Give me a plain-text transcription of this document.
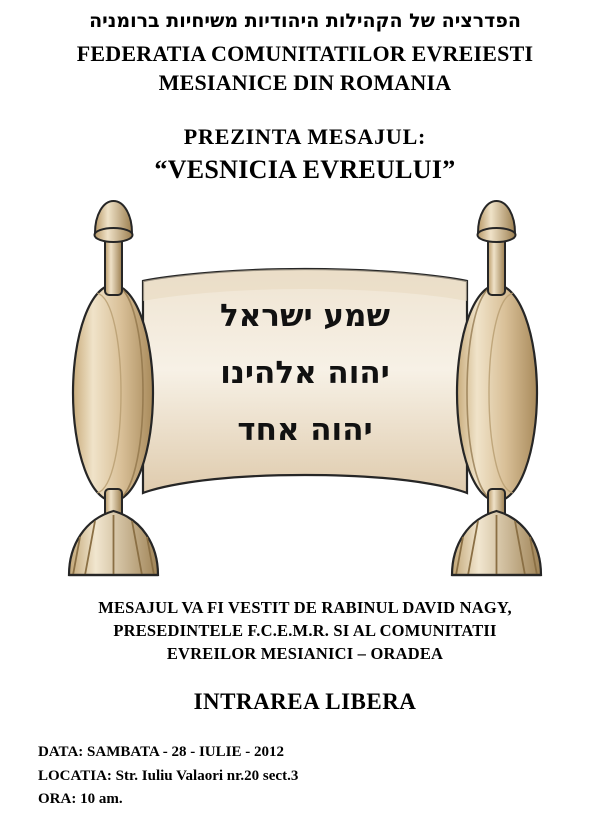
הפדרציה של הקהילות היהודיות משיחיות ברומניה
FEDERATIA COMUNITATILOR EVREIESTI
MESIANICE DIN ROMANIA
PREZINTA MESAJUL:
“VESNICIA EVREULUI”
שמע ישראל
יהוה אלהינו
יהוה אחד
MESAJUL VA FI VESTIT DE RABINUL DAVID NAGY,
PRESEDINTELE F.C.E.M.R. SI AL COMUNITATII
EVREILOR MESIANICI – ORADEA
INTRAREA LIBERA
DATA: SAMBATA - 28 - IULIE - 2012
LOCATIA: Str. Iuliu Valaori nr.20 sect.3
ORA: 10 am.
